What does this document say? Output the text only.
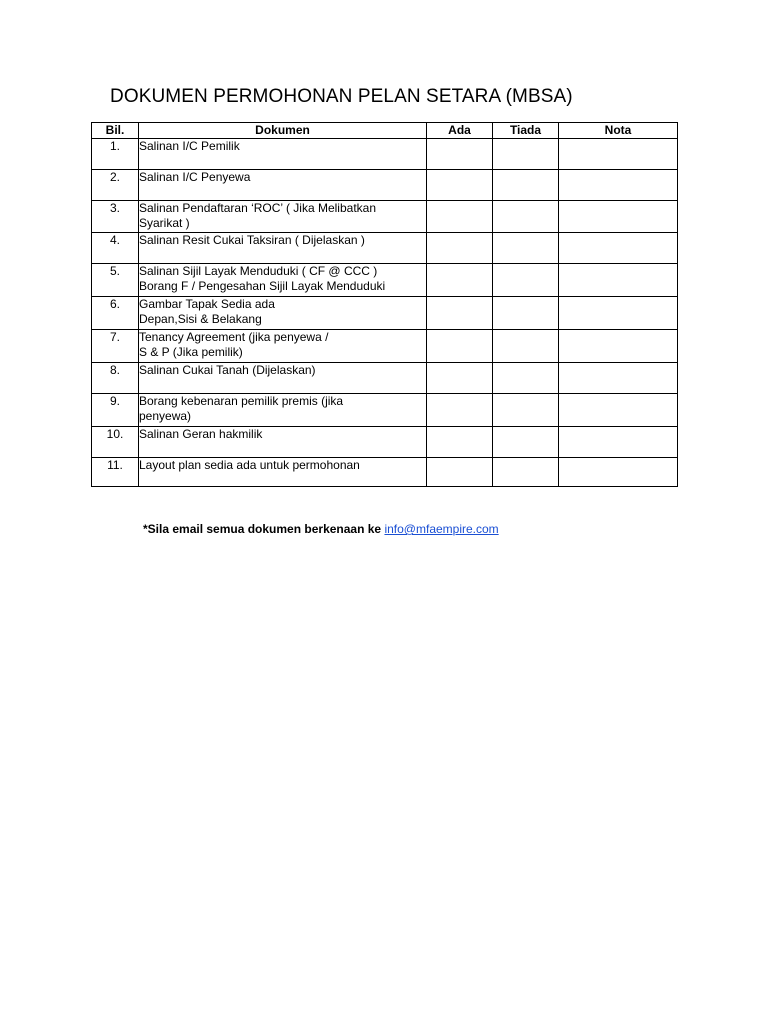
DOKUMEN PERMOHONAN PELAN SETARA (MBSA)
Bil.	Dokumen	Ada	Tiada	Nota
1.	Salinan I/C Pemilik			

2.	Salinan I/C Penyewa			

3.	Salinan Pendaftaran ‘ROC’ ( Jika Melibatkan
Syarikat )			

4.	Salinan Resit Cukai Taksiran ( Dijelaskan )			

5.	Salinan Sijil Layak Menduduki ( CF @ CCC )
Borang F / Pengesahan Sijil Layak Menduduki			

6.	Gambar Tapak Sedia ada
Depan,Sisi & Belakang			

7.	Tenancy Agreement (jika penyewa /
S & P (Jika pemilik)			

8.	Salinan Cukai Tanah (Dijelaskan)			

9.	Borang kebenaran pemilik premis (jika
penyewa)			

10.	Salinan Geran hakmilik			

11.	Layout plan sedia ada untuk permohonan			

*Sila email semua dokumen berkenaan ke info@mfaempire.com
